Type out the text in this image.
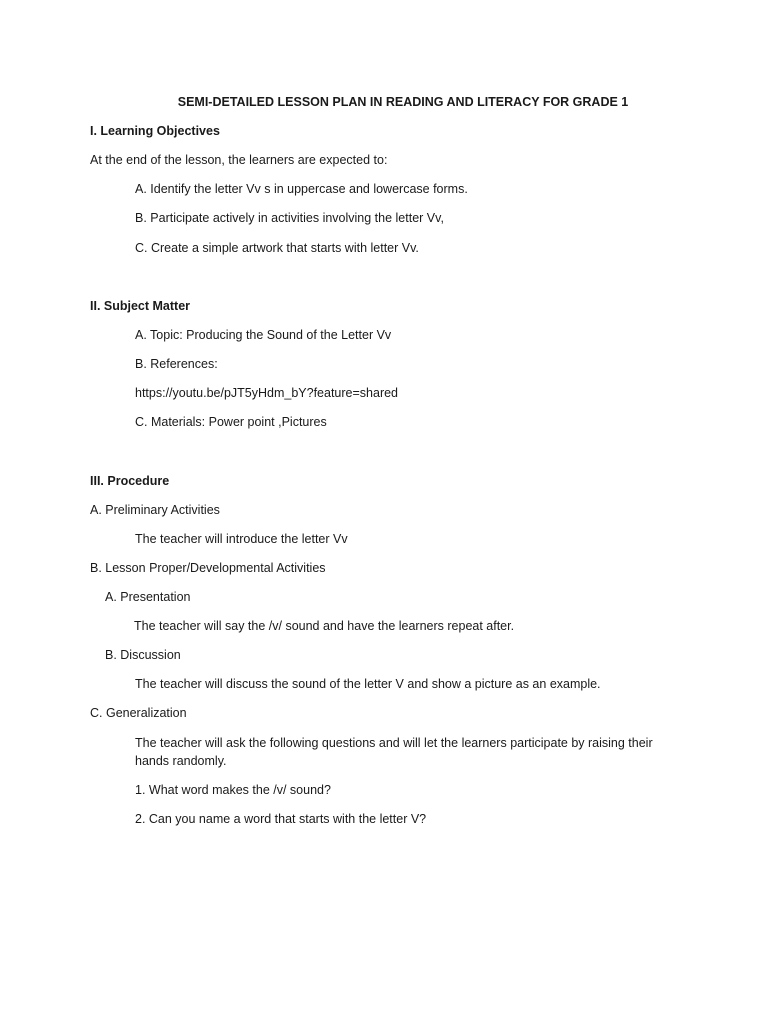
SEMI-DETAILED LESSON PLAN IN READING AND LITERACY FOR GRADE 1
I. Learning Objectives
At the end of the lesson, the learners are expected to:
A. Identify the letter Vv s in uppercase and lowercase forms.
B. Participate actively in activities involving the letter Vv,
C. Create a simple artwork that starts with letter Vv.
II. Subject Matter
A. Topic: Producing the Sound of the Letter Vv
B. References:
https://youtu.be/pJT5yHdm_bY?feature=shared
C. Materials: Power point ,Pictures
III. Procedure
A. Preliminary Activities
The teacher will introduce the letter Vv
B. Lesson Proper/Developmental Activities
A. Presentation
The teacher will say the /v/ sound and have the learners repeat after.
B. Discussion
The teacher will discuss the sound of the letter V and show a picture as an example.
C. Generalization
The teacher will ask the following questions and will let the learners participate by raising their hands randomly.
1. What word makes the /v/ sound?
2. Can you name a word that starts with the letter V?
